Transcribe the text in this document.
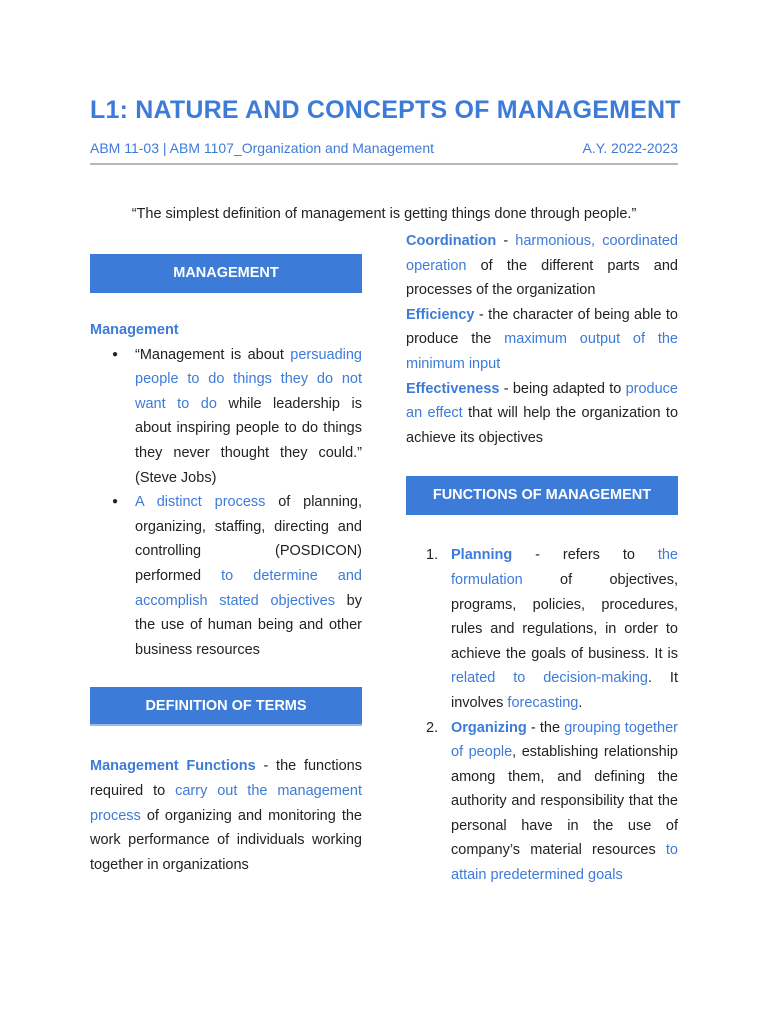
L1: NATURE AND CONCEPTS OF MANAGEMENT
ABM 11-03 | ABM 1107_Organization and Management	A.Y. 2022-2023
“The simplest definition of management is getting things done through people.”
MANAGEMENT
Management
● “Management is about persuading people to do things they do not want to do while leadership is about inspiring people to do things they never thought they could.” (Steve Jobs)
● A distinct process of planning, organizing, staffing, directing and controlling (POSDICON) performed to determine and accomplish stated objectives by the use of human being and other business resources
DEFINITION OF TERMS

Management Functions - the functions required to carry out the management process of organizing and monitoring the work performance of individuals working together in organizations

Coordination - harmonious, coordinated operation of the different parts and processes of the organization

Efficiency - the character of being able to produce the maximum output of the minimum input

Effectiveness - being adapted to produce an effect that will help the organization to achieve its objectives

FUNCTIONS OF MANAGEMENT
1. Planning - refers to the formulation of objectives, programs, policies, procedures, rules and regulations, in order to achieve the goals of business. It is related to decision-making. It involves forecasting.
2. Organizing - the grouping together of people, establishing relationship among them, and defining the authority and responsibility that the personal have in the use of company’s material resources to attain predetermined goals
